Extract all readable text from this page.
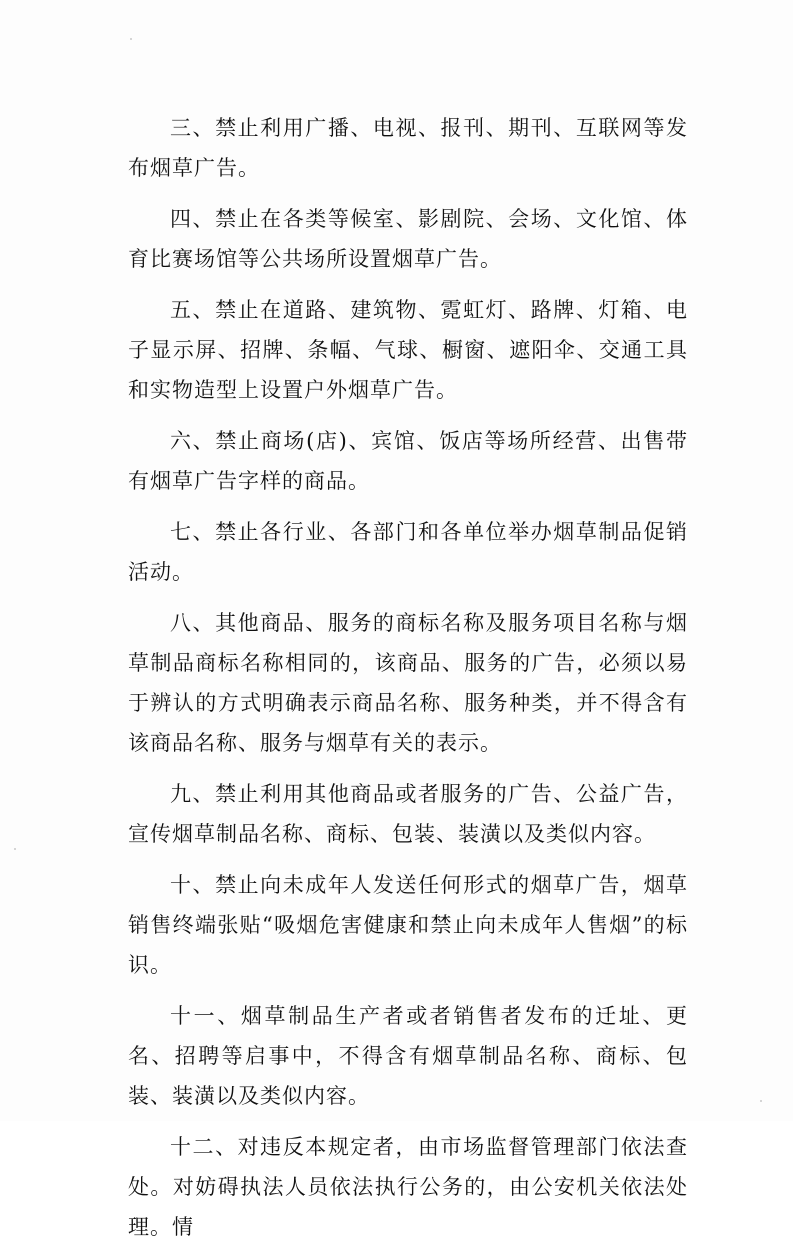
三、禁止利用广播、电视、报刊、期刊、互联网等发布烟草广告。

四、禁止在各类等候室、影剧院、会场、文化馆、体育比赛场馆等公共场所设置烟草广告。

五、禁止在道路、建筑物、霓虹灯、路牌、灯箱、电子显示屏、招牌、条幅、气球、橱窗、遮阳伞、交通工具和实物造型上设置户外烟草广告。

六、禁止商场(店)、宾馆、饭店等场所经营、出售带有烟草广告字样的商品。

七、禁止各行业、各部门和各单位举办烟草制品促销活动。

八、其他商品、服务的商标名称及服务项目名称与烟草制品商标名称相同的，该商品、服务的广告，必须以易于辨认的方式明确表示商品名称、服务种类，并不得含有该商品名称、服务与烟草有关的表示。

九、禁止利用其他商品或者服务的广告、公益广告，宣传烟草制品名称、商标、包装、装潢以及类似内容。

十、禁止向未成年人发送任何形式的烟草广告，烟草销售终端张贴“吸烟危害健康和禁止向未成年人售烟”的标识。

十一、烟草制品生产者或者销售者发布的迁址、更名、招聘等启事中，不得含有烟草制品名称、商标、包装、装潢以及类似内容。

十二、对违反本规定者，由市场监督管理部门依法查处。对妨碍执法人员依法执行公务的，由公安机关依法处理。情
